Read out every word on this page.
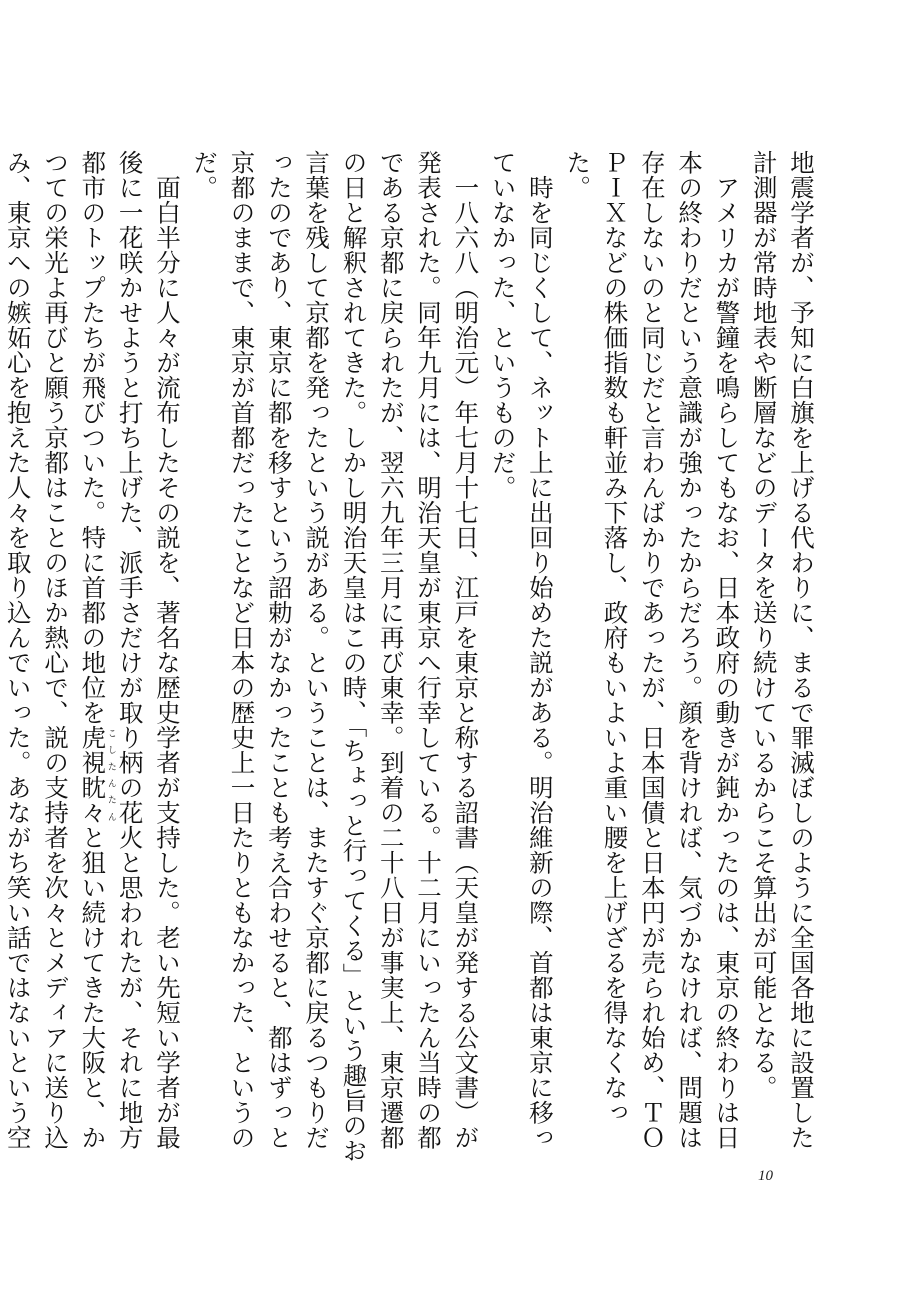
地震学者が、予知に白旗を上げる代わりに、まるで罪滅ぼしのように全国各地に設置した計測器が常時地表や断層などのデータを送り続けているからこそ算出が可能となる。

アメリカが警鐘を鳴らしてもなお、日本政府の動きが鈍かったのは、東京の終わりは日本の終わりだという意識が強かったからだろう。顔を背ければ、気づかなければ、問題は存在しないのと同じだと言わんばかりであったが、日本国債と日本円が売られ始め、ＴＯＰＩＸなどの株価指数も軒並み下落し、政府もいよいよ重い腰を上げざるを得なくなった。

時を同じくして、ネット上に出回り始めた説がある。明治維新の際、首都は東京に移っていなかった、というものだ。

一八六八（明治元）年七月十七日、江戸を東京と称する詔書（天皇が発する公文書）が発表された。同年九月には、明治天皇が東京へ行幸している。十二月にいったん当時の都である京都に戻られたが、翌六九年三月に再び東幸。到着の二十八日が事実上、東京遷都の日と解釈されてきた。しかし明治天皇はこの時、「ちょっと行ってくる」という趣旨のお言葉を残して京都を発ったという説がある。ということは、またすぐ京都に戻るつもりだったのであり、東京に都を移すという詔勅がなかったことも考え合わせると、都はずっと京都のままで、東京が首都だったことなど日本の歴史上一日たりともなかった、というのだ。

面白半分に人々が流布したその説を、著名な歴史学者が支持した。老い先短い学者が最後に一花咲かせようと打ち上げた、派手さだけが取り柄の花火と思われたが、それに地方都市のトップたちが飛びついた。特に首都の地位を虎視眈々こしたんたんと狙い続けてきた大阪と、かつての栄光よ再びと願う京都はことのほか熱心で、説の支持者を次々とメディアに送り込み、東京への嫉妬心を抱えた人々を取り込んでいった。あながち笑い話ではないという空

10
